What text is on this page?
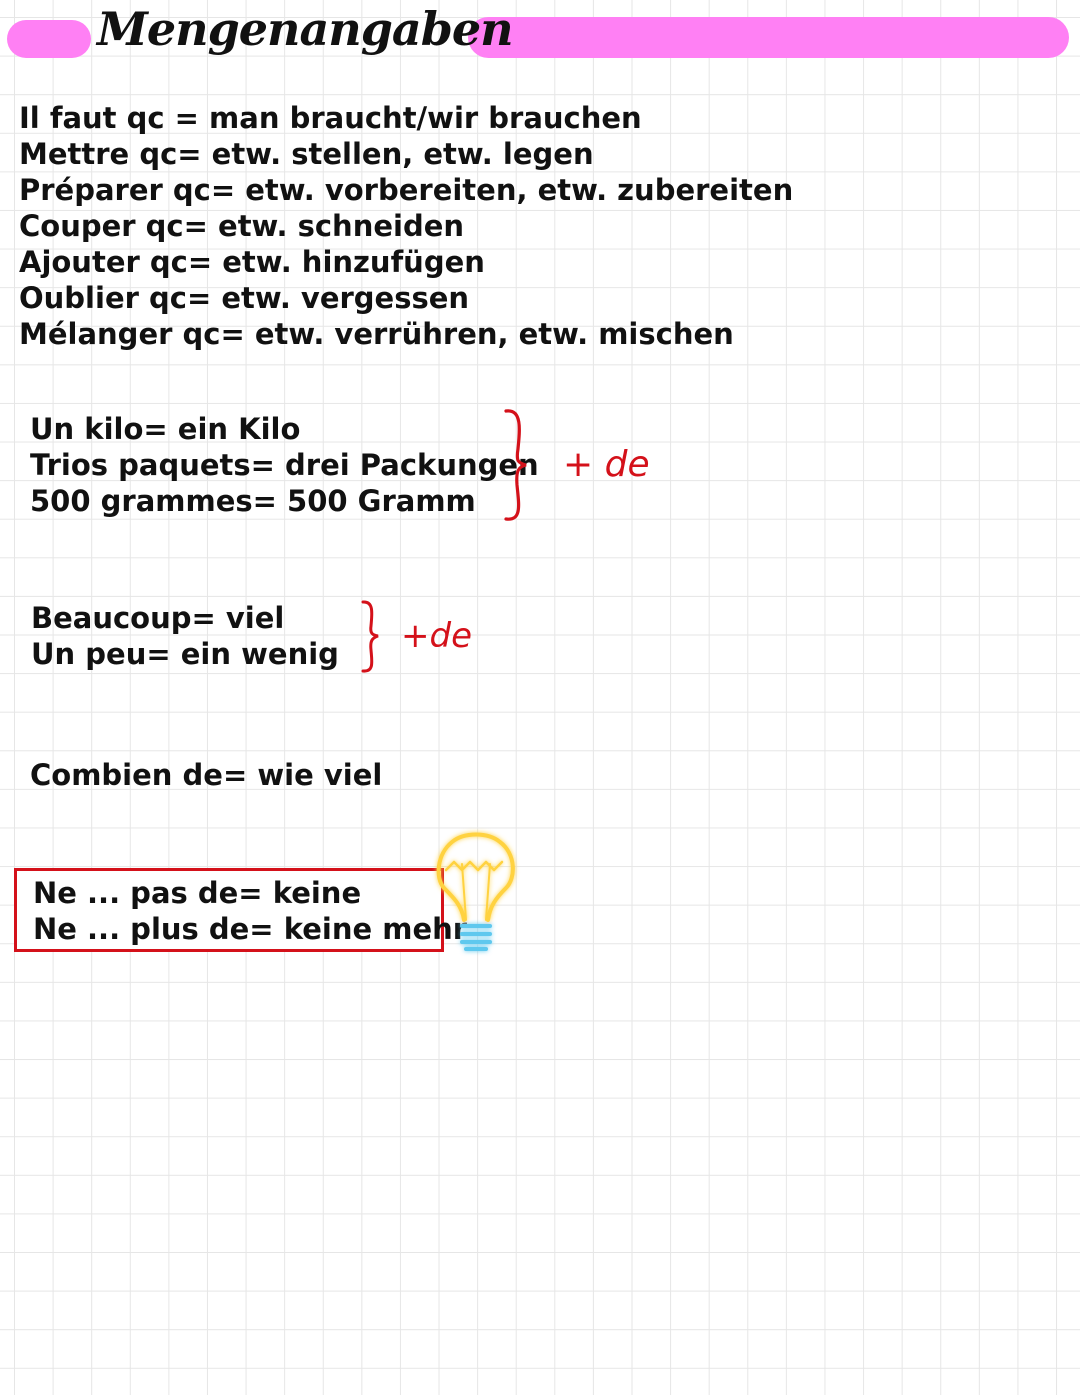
Mengenangaben
Il faut qc = man braucht/wir brauchen
Mettre qc= etw. stellen, etw. legen
Préparer qc= etw. vorbereiten, etw. zubereiten
Couper qc= etw. schneiden
Ajouter qc= etw. hinzufügen
Oublier qc= etw. vergessen
Mélanger qc= etw. verrühren, etw. mischen
Un kilo= ein Kilo
Trios paquets= drei Packungen
500 grammes= 500 Gramm
+ de
Beaucoup= viel
Un peu= ein wenig +de
Combien de= wie viel
Ne ... pas de= keine
Ne ... plus de= keine mehr
